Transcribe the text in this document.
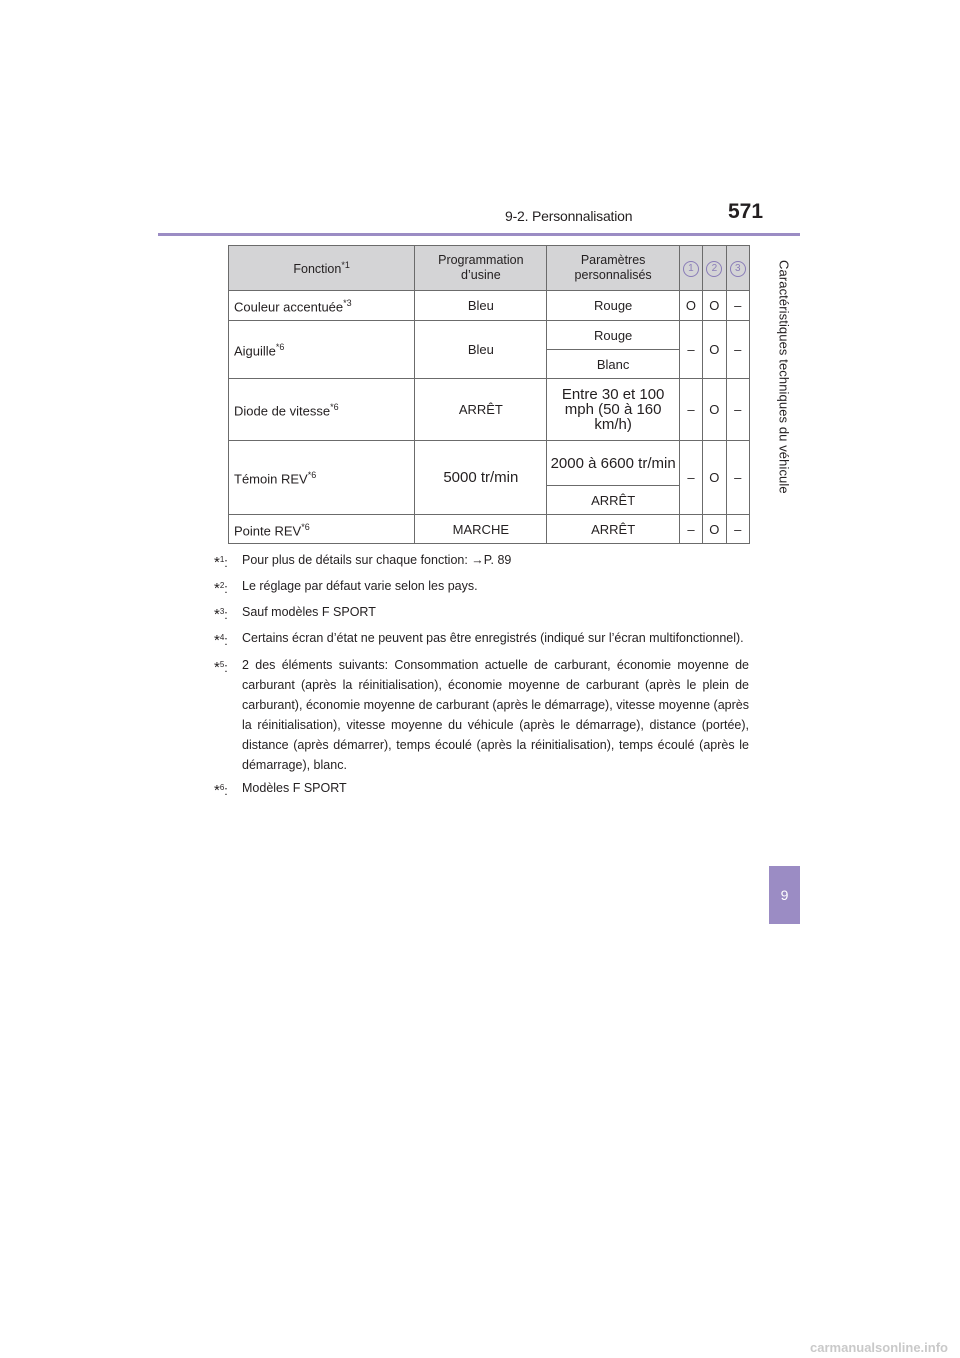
9-2. Personnalisation	571
Caractéristiques techniques du véhicule
9
Fonction$^{*1}$	Programmation d’usine	Paramètres personnalisés	1	2	3
Couleur accentuée$^{*3}$	Bleu	Rouge	O	O	–
Aiguille$^{*6}$	Bleu	Rouge	–	O	–
		Blanc			
Diode de vitesse$^{*6}$	ARRÊT	Entre 30 et 100 mph (50 à 160 km/h)	–	O	–
Témoin REV$^{*6}$	5000 tr/min	2000 à 6600 tr/min	–	O	–
		ARRÊT			
Pointe REV$^{*6}$	MARCHE	ARRÊT	–	O	–
*$^1$:	Pour plus de détails sur chaque fonction: →P. 89
*$^2$:	Le réglage par défaut varie selon les pays.
*$^3$:	Sauf modèles F SPORT
*$^4$:	Certains écran d’état ne peuvent pas être enregistrés (indiqué sur l’écran multifonctionnel).
*$^5$:	2 des éléments suivants: Consommation actuelle de carburant, économie moyenne de carburant (après la réinitialisation), économie moyenne de carburant (après le plein de carburant), économie moyenne de carburant (après le démarrage), vitesse moyenne (après la réinitialisation), vitesse moyenne du véhicule (après le démarrage), distance (portée), distance (après démarrer), temps écoulé (après la réinitialisation), temps écoulé (après le démarrage), blanc.
*$^6$:	Modèles F SPORT
carmanualsonline.info
